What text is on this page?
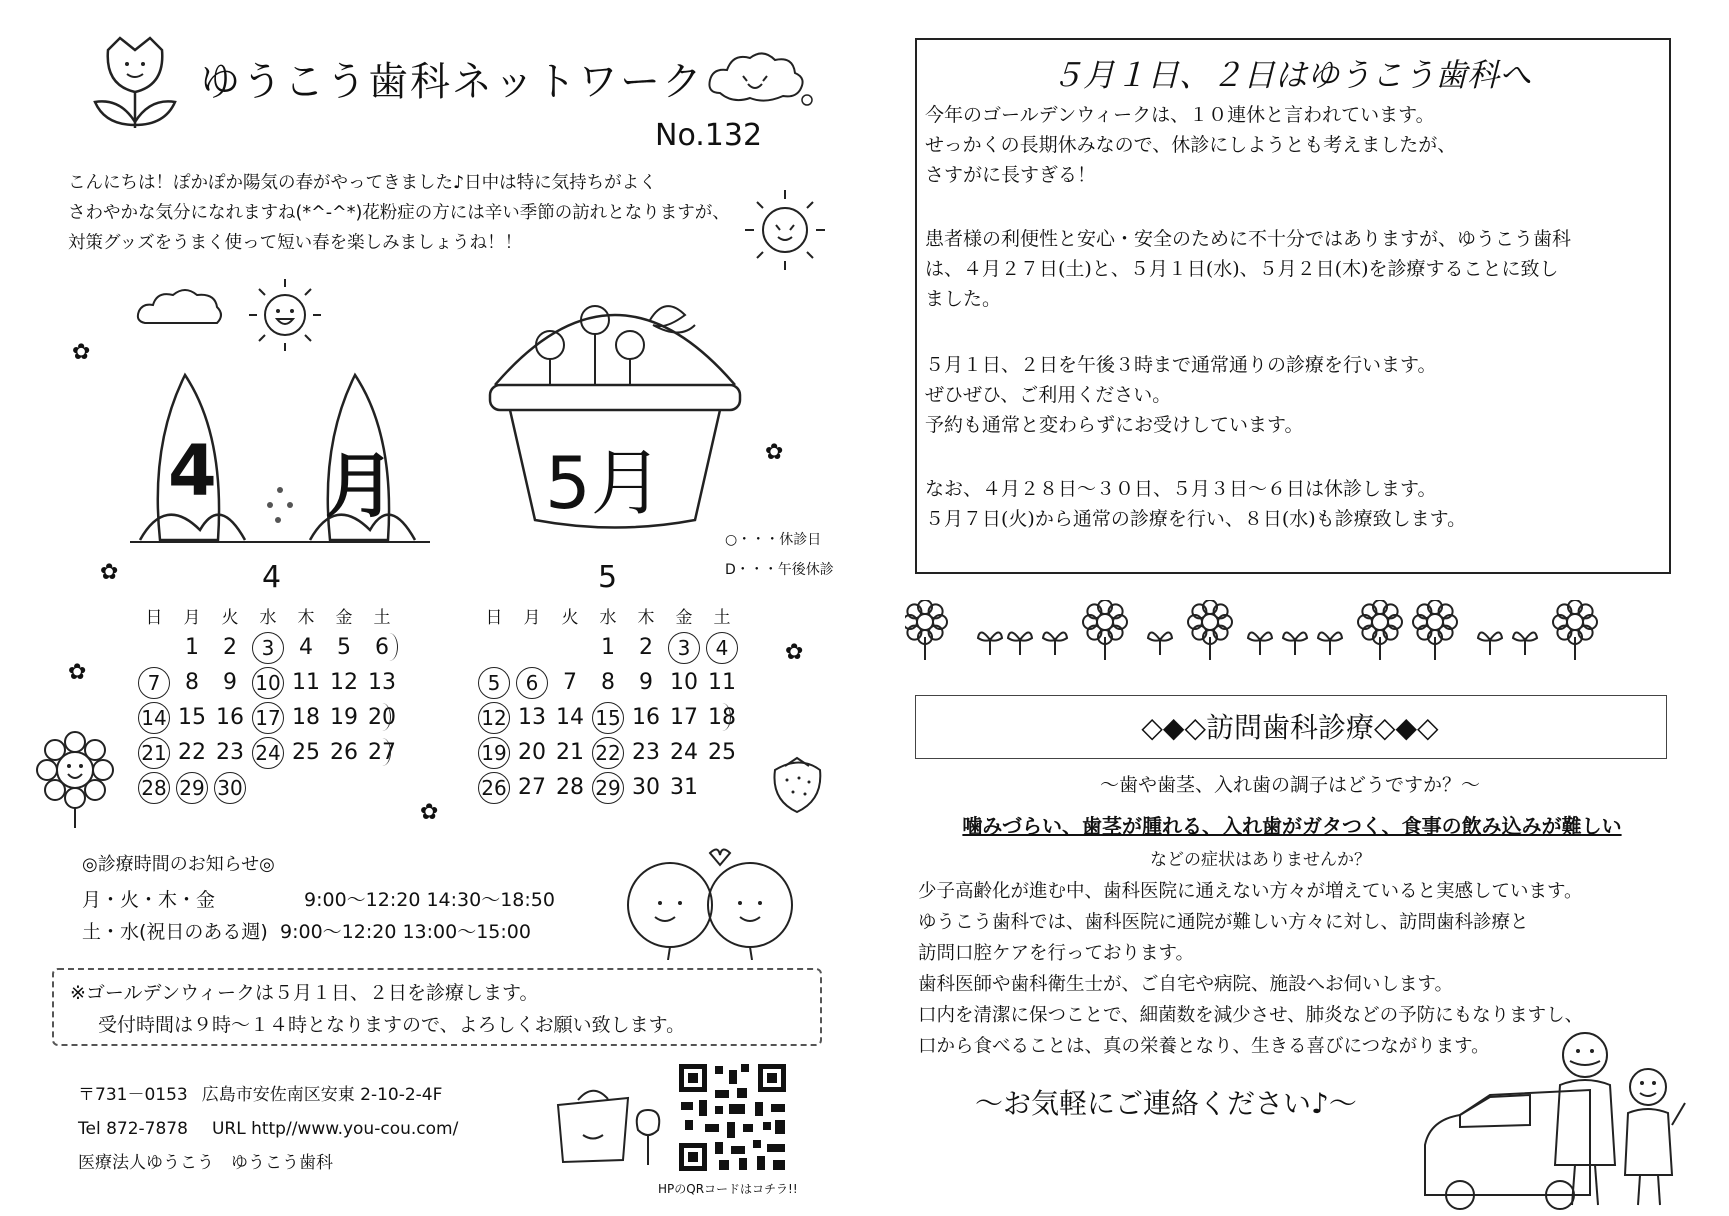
ゆうこう歯科ネットワーク
No.132
こんにちは！ぽかぽか陽気の春がやってきました♪日中は特に気持ちがよく
さわやかな気分になれますね(*^-^*)花粉症の方には辛い季節の訪れとなりますが、
対策グッズをうまく使って短い春を楽しみましょうね！！
4 月 5月
○・・・休診日
D・・・午後休診
✿
✿
✿
✿
✿
✿
4
日	月	火	水	木	金	土
	1	2	3	4	5	6
7	8	9	10	11	12	13
14	15	16	17	18	19	20
21	22	23	24	25	26	27
28	29	30				
5
日	月	火	水	木	金	土
			1	2	3	4
5	6	7	8	9	10	11
12	13	14	15	16	17	18
19	20	21	22	23	24	25
26	27	28	29	30	31	
◎診療時間のお知らせ◎
月・火・木・金	9:00～12:20 14:30～18:50
土・水(祝日のある週) 9:00～12:20 13:00～15:00
※ゴールデンウィークは５月１日、２日を診療します。
受付時間は９時～１４時となりますので、よろしくお願い致します。
〒731－0153 広島市安佐南区安東 2-10-2-4F
Tel 872-7878 URL http//www.you-cou.com/
医療法人ゆうこう　ゆうこう歯科
HPのQRコードはコチラ!!
５月１日、２日はゆうこう歯科へ
今年のゴールデンウィークは、１０連休と言われています。
せっかくの長期休みなので、休診にしようとも考えましたが、
さすがに長すぎる！
患者様の利便性と安心・安全のために不十分ではありますが、ゆうこう歯科
は、４月２７日(土)と、５月１日(水)、５月２日(木)を診療することに致し
ました。
５月１日、２日を午後３時まで通常通りの診療を行います。
ぜひぜひ、ご利用ください。
予約も通常と変わらずにお受けしています。
なお、４月２８日～３０日、５月３日～６日は休診します。
５月７日(火)から通常の診療を行い、８日(水)も診療致します。
◇◆◇訪問歯科診療◇◆◇
～歯や歯茎、入れ歯の調子はどうですか？～
噛みづらい、歯茎が腫れる、入れ歯がガタつく、食事の飲み込みが難しい
などの症状はありませんか？
少子高齢化が進む中、歯科医院に通えない方々が増えていると実感しています。
ゆうこう歯科では、歯科医院に通院が難しい方々に対し、訪問歯科診療と
訪問口腔ケアを行っております。
歯科医師や歯科衛生士が、ご自宅や病院、施設へお伺いします。
口内を清潔に保つことで、細菌数を減少させ、肺炎などの予防にもなりますし、
口から食べることは、真の栄養となり、生きる喜びにつながります。
～お気軽にご連絡ください♪～
